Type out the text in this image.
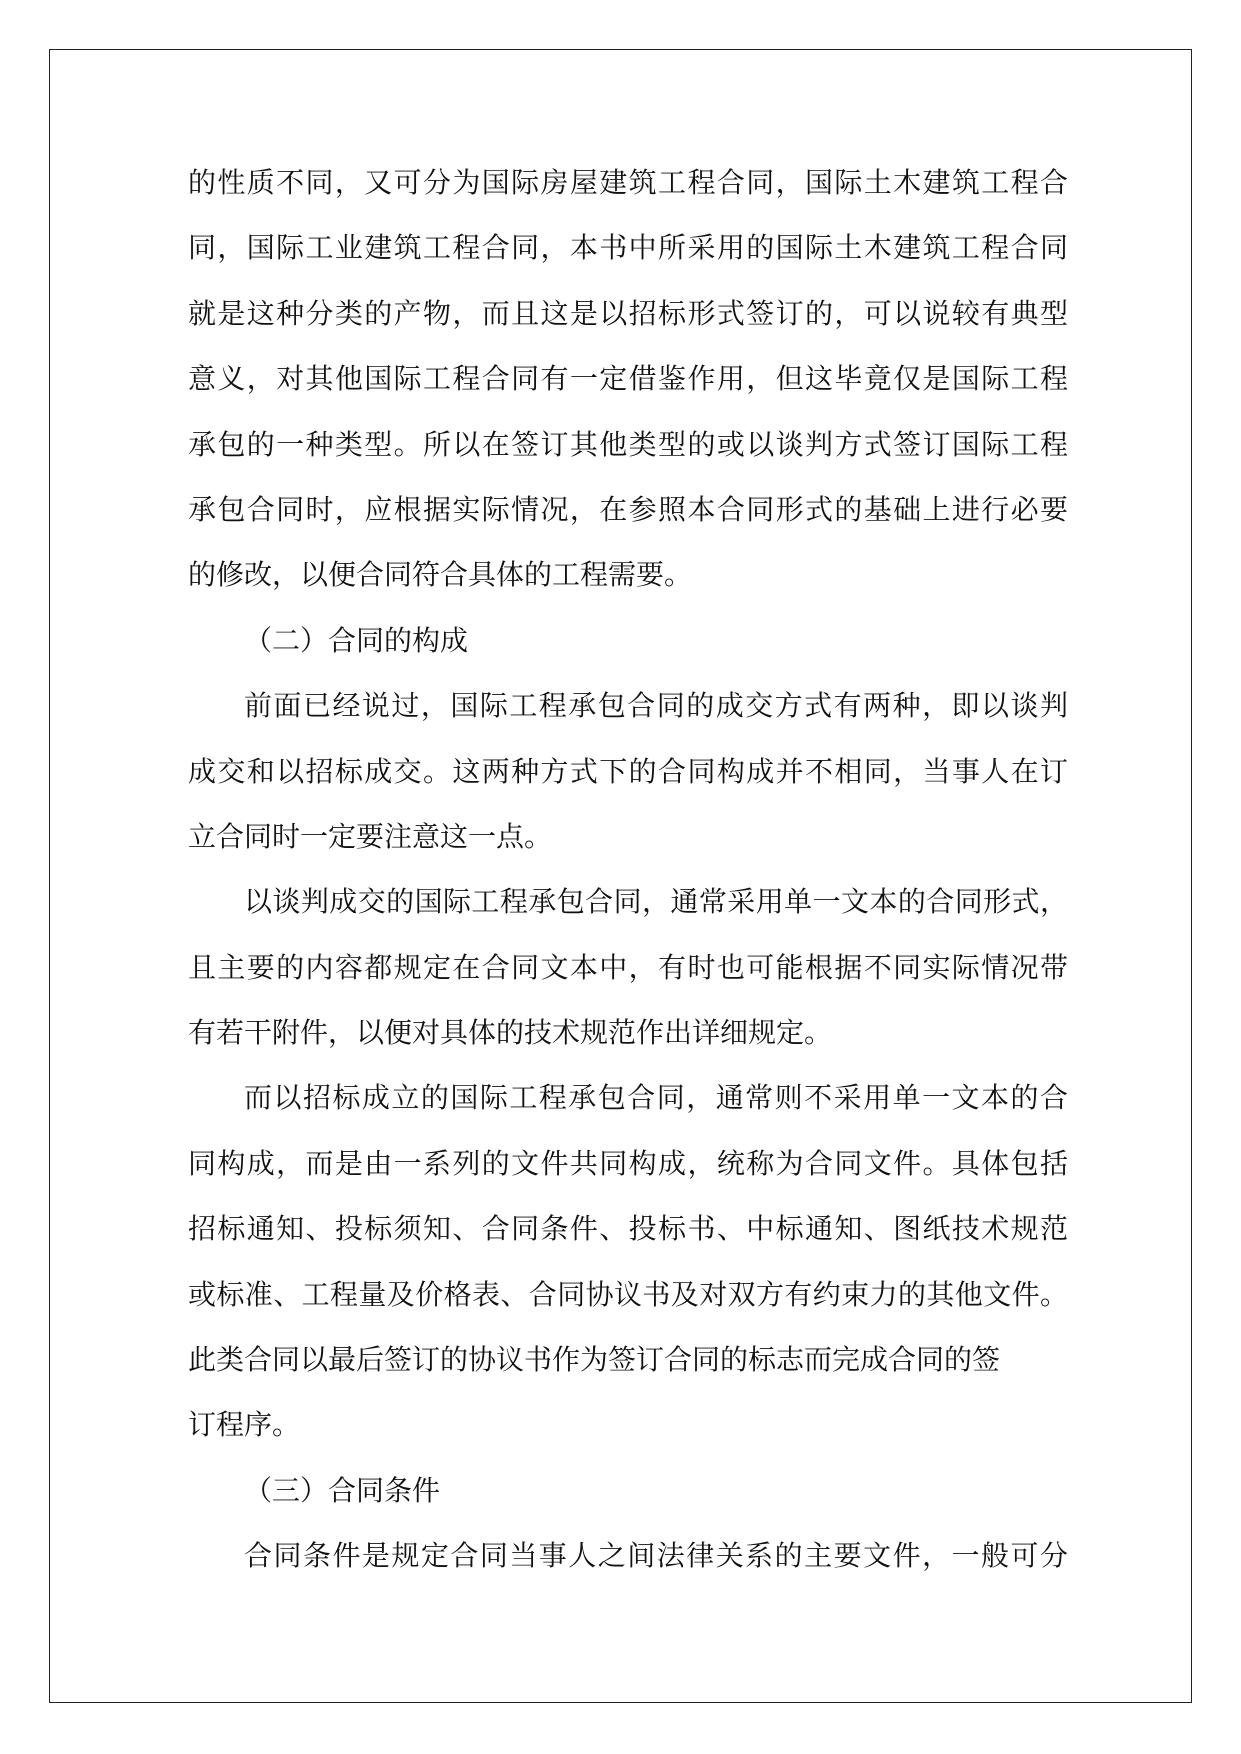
的性质不同，又可分为国际房屋建筑工程合同，国际土木建筑工程合
同，国际工业建筑工程合同，本书中所采用的国际土木建筑工程合同
就是这种分类的产物，而且这是以招标形式签订的，可以说较有典型
意义，对其他国际工程合同有一定借鉴作用，但这毕竟仅是国际工程
承包的一种类型。所以在签订其他类型的或以谈判方式签订国际工程
承包合同时，应根据实际情况，在参照本合同形式的基础上进行必要
的修改，以便合同符合具体的工程需要。
（二）合同的构成
前面已经说过，国际工程承包合同的成交方式有两种，即以谈判
成交和以招标成交。这两种方式下的合同构成并不相同，当事人在订
立合同时一定要注意这一点。
以谈判成交的国际工程承包合同，通常采用单一文本的合同形式，
且主要的内容都规定在合同文本中，有时也可能根据不同实际情况带
有若干附件，以便对具体的技术规范作出详细规定。
而以招标成立的国际工程承包合同，通常则不采用单一文本的合
同构成，而是由一系列的文件共同构成，统称为合同文件。具体包括
招标通知、投标须知、合同条件、投标书、中标通知、图纸技术规范
或标准、工程量及价格表、合同协议书及对双方有约束力的其他文件。
此类合同以最后签订的协议书作为签订合同的标志而完成合同的签
订程序。
（三）合同条件
合同条件是规定合同当事人之间法律关系的主要文件，一般可分
